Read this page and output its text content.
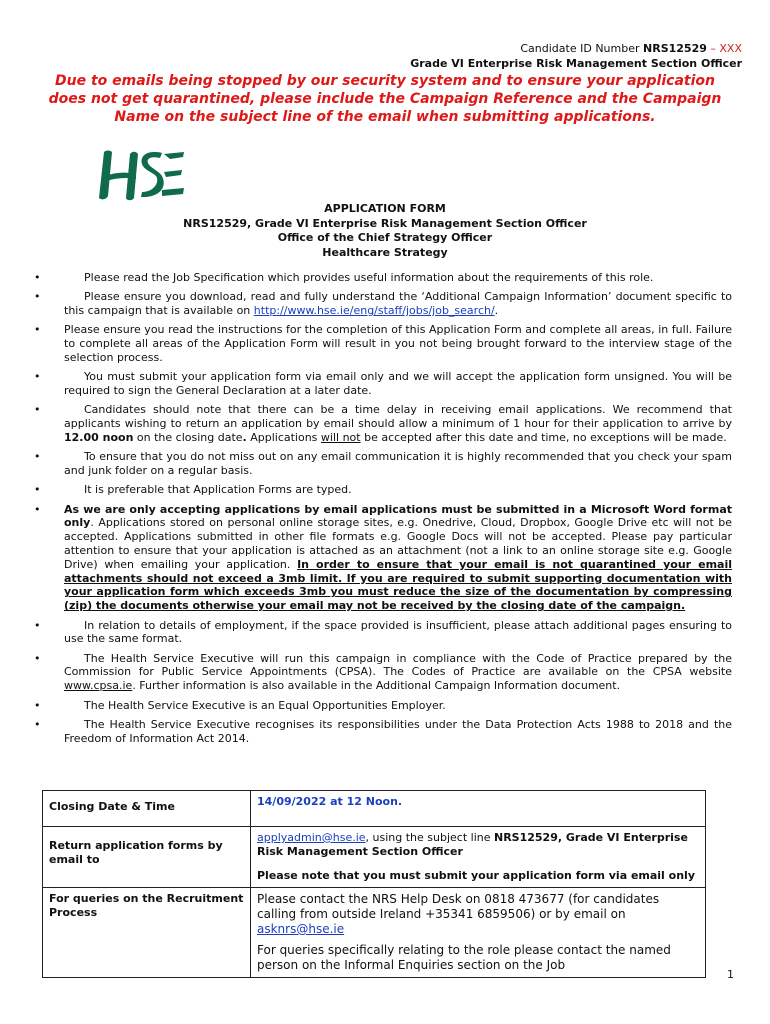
Candidate ID Number NRS12529 – XXX
Grade VI Enterprise Risk Management Section Officer
Due to emails being stopped by our security system and to ensure your application
does not get quarantined, please include the Campaign Reference and the Campaign
Name on the subject line of the email when submitting applications.
APPLICATION FORM
NRS12529, Grade VI Enterprise Risk Management Section Officer
Office of the Chief Strategy Officer
Healthcare Strategy
• Please read the Job Specification which provides useful information about the requirements of this role.
• Please ensure you download, read and fully understand the ‘Additional Campaign Information’ document specific to this campaign that is available on http://www.hse.ie/eng/staff/jobs/job_search/.
• Please ensure you read the instructions for the completion of this Application Form and complete all areas, in full. Failure to complete all areas of the Application Form will result in you not being brought forward to the interview stage of the selection process.
• You must submit your application form via email only and we will accept the application form unsigned. You will be required to sign the General Declaration at a later date.
• Candidates should note that there can be a time delay in receiving email applications. We recommend that applicants wishing to return an application by email should allow a minimum of 1 hour for their application to arrive by 12.00 noon on the closing date. Applications will not be accepted after this date and time, no exceptions will be made.
• To ensure that you do not miss out on any email communication it is highly recommended that you check your spam and junk folder on a regular basis.
• It is preferable that Application Forms are typed.
• As we are only accepting applications by email applications must be submitted in a Microsoft Word format only. Applications stored on personal online storage sites, e.g. Onedrive, Cloud, Dropbox, Google Drive etc will not be accepted. Applications submitted in other file formats e.g. Google Docs will not be accepted. Please pay particular attention to ensure that your application is attached as an attachment (not a link to an online storage site e.g. Google Drive) when emailing your application. In order to ensure that your email is not quarantined your email attachments should not exceed a 3mb limit. If you are required to submit supporting documentation with your application form which exceeds 3mb you must reduce the size of the documentation by compressing (zip) the documents otherwise your email may not be received by the closing date of the campaign.
• In relation to details of employment, if the space provided is insufficient, please attach additional pages ensuring to use the same format.
• The Health Service Executive will run this campaign in compliance with the Code of Practice prepared by the Commission for Public Service Appointments (CPSA). The Codes of Practice are available on the CPSA website www.cpsa.ie. Further information is also available in the Additional Campaign Information document.
• The Health Service Executive is an Equal Opportunities Employer.
• The Health Service Executive recognises its responsibilities under the Data Protection Acts 1988 to 2018 and the Freedom of Information Act 2014.
Closing Date & Time	14/09/2022 at 12 Noon.
Return application forms by email to	applyadmin@hse.ie, using the subject line NRS12529, Grade VI Enterprise Risk Management Section Officer
Please note that you must submit your application form via email only
For queries on the Recruitment Process	Please contact the NRS Help Desk on 0818 473677 (for candidates calling from outside Ireland +35341 6859506) or by email on asknrs@hse.ie
For queries specifically relating to the role please contact the named person on the Informal Enquiries section on the Job
1
